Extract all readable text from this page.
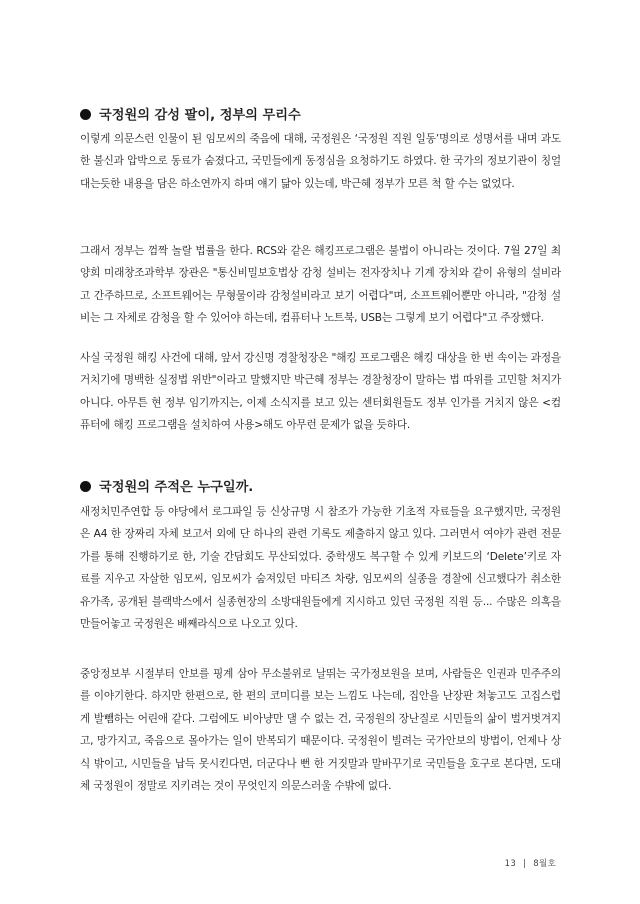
국정원의 감성 팔이, 정부의 무리수

이렇게 의문스런 인물이 된 임모씨의 죽음에 대해, 국정원은 ‘국정원 직원 일동’명의로 성명서를 내며 과도한 불신과 압박으로 동료가 숨졌다고, 국민들에게 동정심을 요청하기도 하였다. 한 국가의 정보기관이 칭얼대는듯한 내용을 담은 하소연까지 하며 얘기 닮아 있는데, 박근혜 정부가 모른 척 할 수는 없었다.

그래서 정부는 껌짝 놀랄 법률을 한다. RCS와 같은 해킹프로그램은 불법이 아니라는 것이다. 7월 27일 최양희 미래창조과학부 장관은 "통신비밀보호법상 감청 설비는 전자장치나 기계 장치와 같이 유형의 설비라고 간주하므로, 소프트웨어는 무형물이라 감청설비라고 보기 어렵다"며, 소프트웨어뿐만 아니라, "감청 설비는 그 자체로 감청을 할 수 있어야 하는데, 컴퓨터나 노트북, USB는 그렇게 보기 어렵다"고 주장했다.

사실 국정원 해킹 사건에 대해, 앞서 강신명 경찰청장은 "해킹 프로그램은 해킹 대상을 한 번 속이는 과정을 거치기에 명백한 실정법 위반"이라고 말했지만 박근혜 정부는 경찰청장이 말하는 법 따위를 고민할 처지가 아니다. 아무튼 현 정부 임기까지는, 이제 소식지를 보고 있는 센터회원들도 정부 인가를 거치지 않은 <컴퓨터에 해킹 프로그램을 설치하여 사용>해도 아무런 문제가 없을 듯하다.

국정원의 주적은 누구일까.

새정치민주연합 등 야당에서 로그파일 등 신상규명 시 참조가 가능한 기초적 자료들을 요구했지만, 국정원은 A4 한 장짜리 자체 보고서 외에 단 하나의 관련 기록도 제출하지 않고 있다. 그러면서 여야가 관련 전문가를 통해 진행하기로 한, 기술 간담회도 무산되었다. 중학생도 복구할 수 있게 키보드의 ‘Delete’키로 자료를 지우고 자살한 임모씨, 임모씨가 숨져있던 마티즈 차량, 임모씨의 실종을 경찰에 신고했다가 취소한 유가족, 공개된 블랙박스에서 실종현장의 소방대원들에게 지시하고 있던 국정원 직원 등... 수많은 의혹을 만들어놓고 국정원은 배째라식으로 나오고 있다.

중앙정보부 시절부터 안보를 핑계 삼아 무소불위로 날뛰는 국가정보원을 보며, 사람들은 인권과 민주주의를 이야기한다. 하지만 한편으로, 한 편의 코미디를 보는 느낌도 나는데, 집안을 난장판 쳐놓고도 고집스럽게 발뺌하는 어린애 같다. 그럼에도 비아냥만 댈 수 없는 건, 국정원의 장난질로 시민들의 삶이 벌거벗겨지고, 망가지고, 죽음으로 몰아가는 일이 반복되기 때문이다. 국정원이 빌려는 국가안보의 방법이, 언제나 상식 밖이고, 시민들을 납득 못시킨다면, 더군다나 뻔 한 거짓말과 말바꾸기로 국민들을 호구로 본다면, 도대체 국정원이 정말로 지키려는 것이 무엇인지 의문스러울 수밖에 없다.

13 | 8월호
